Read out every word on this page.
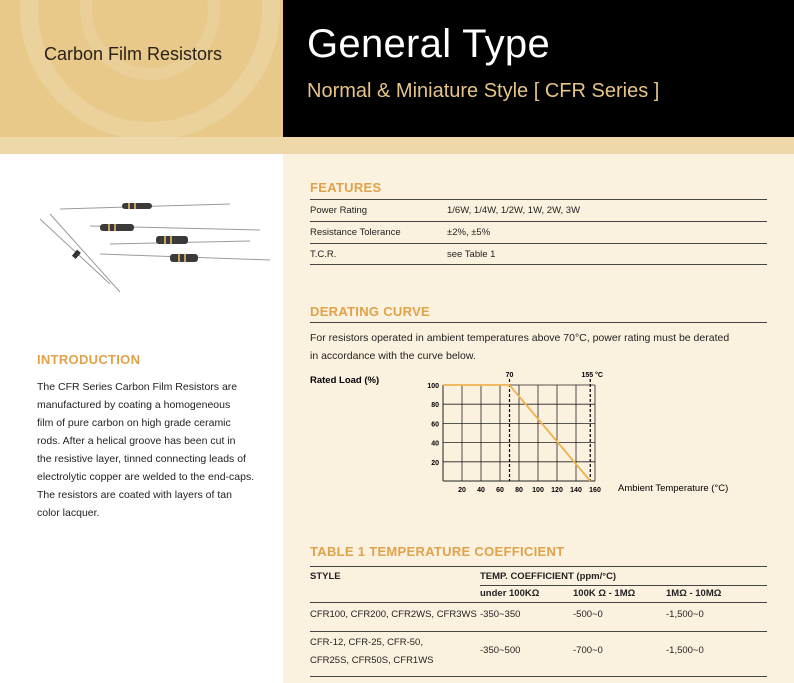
Carbon Film Resistors General Type
Normal & Miniature Style [ CFR Series ]
INTRODUCTION
The CFR Series Carbon Film Resistors are
manufactured by coating a homogeneous
film of pure carbon on high grade ceramic
rods. After a helical groove has been cut in
the resistive layer, tinned connecting leads of
electrolytic copper are welded to the end-caps.
The resistors are coated with layers of tan
color lacquer.
FEATURES
Power Rating	1/6W, 1/4W, 1/2W, 1W, 2W, 3W
Resistance Tolerance	±2%, ±5%
T.C.R.	see Table 1
DERATING CURVE
For resistors operated in ambient temperatures above 70°C, power rating must be derated
in accordance with the curve below.
100
80
60
40
20
20 40 60 80 100 120 140 160
70	155 °C
Rated Load (%)
Ambient Temperature (°C)
TABLE 1 TEMPERATURE COEFFICIENT
STYLE	TEMP. COEFFICIENT (ppm/°C)
under 100KΩ	100K Ω - 1MΩ	1MΩ - 10MΩ
CFR100, CFR200, CFR2WS, CFR3WS -350~350	-500~0	-1,500~0
CFR-12, CFR-25, CFR-50,
CFR25S, CFR50S, CFR1WS
-350~500	-700~0	-1,500~0
